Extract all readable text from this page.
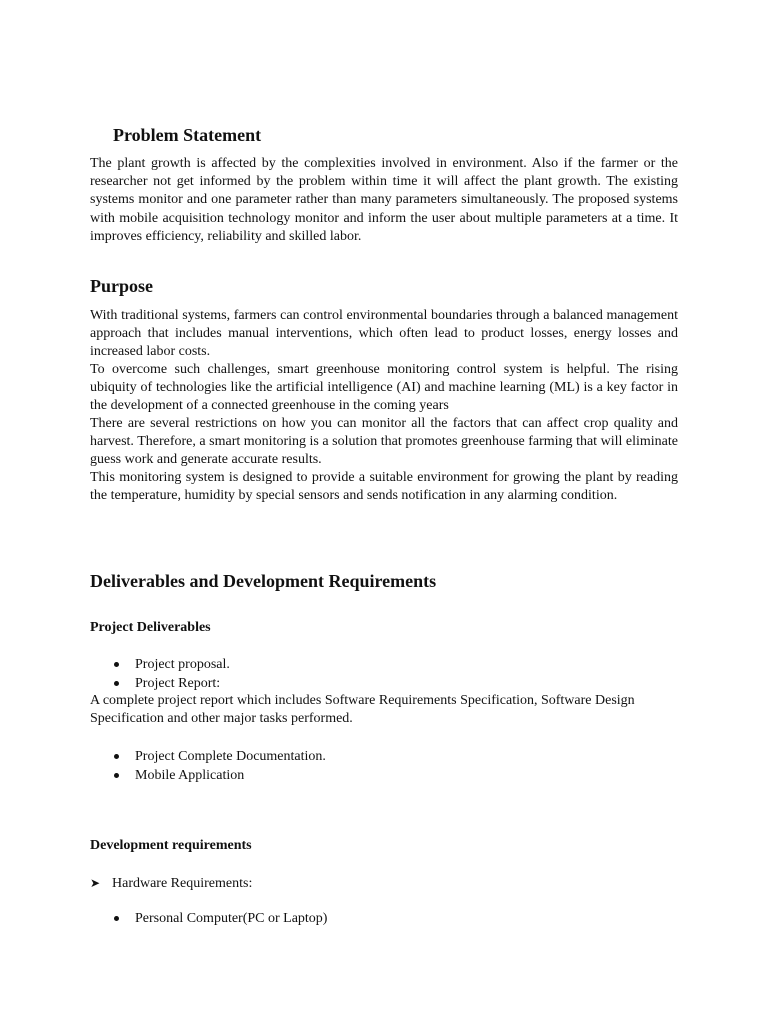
Problem Statement

The plant growth is affected by the complexities involved in environment. Also if the farmer or the researcher not get informed by the problem within time it will affect the plant growth. The existing systems monitor and one parameter rather than many parameters simultaneously. The proposed systems with mobile acquisition technology monitor and inform the user about multiple parameters at a time. It improves efficiency, reliability and skilled labor.

Purpose

With traditional systems, farmers can control environmental boundaries through a balanced management approach that includes manual interventions, which often lead to product losses, energy losses and increased labor costs.

To overcome such challenges, smart greenhouse monitoring control system is helpful. The rising ubiquity of technologies like the artificial intelligence (AI) and machine learning (ML) is a key factor in the development of a connected greenhouse in the coming years

There are several restrictions on how you can monitor all the factors that can affect crop quality and harvest. Therefore, a smart monitoring is a solution that promotes greenhouse farming that will eliminate guess work and generate accurate results.

This monitoring system is designed to provide a suitable environment for growing the plant by reading the temperature, humidity by special sensors and sends notification in any alarming condition.

Deliverables and Development Requirements
Project Deliverables
Project proposal.
Project Report:

A complete project report which includes Software Requirements Specification, Software Design Specification and other major tasks performed.

Project Complete Documentation.
Mobile Application
Development requirements
➤ Hardware Requirements:
Personal Computer(PC or Laptop)
